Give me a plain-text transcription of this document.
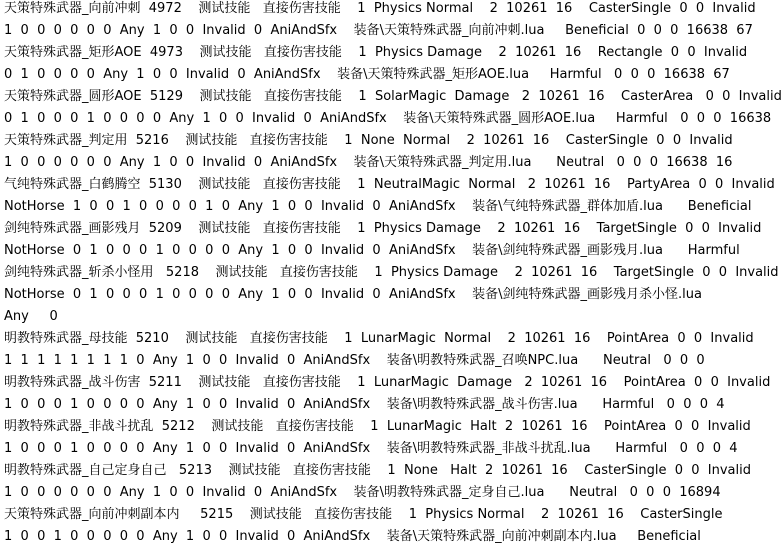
天策特殊武器_向前冲刺  4972    测试技能   直接伤害技能    1  Physics Normal    2  10261  16    CasterSingle  0  0  Invalid
1  0  0  0  0  0  0  Any  1  0  0  Invalid  0  AniAndSfx    装备\天策特殊武器_向前冲刺.lua     Beneficial  0  0  0  16638  67
天策特殊武器_矩形AOE  4973    测试技能   直接伤害技能    1  Physics Damage    2  10261  16    Rectangle  0  0  Invalid
0  1  0  0  0  0  Any  1  0  0  Invalid  0  AniAndSfx    装备\天策特殊武器_矩形AOE.lua     Harmful   0  0  0  16638  67
天策特殊武器_圆形AOE  5129    测试技能   直接伤害技能    1  SolarMagic  Damage   2  10261  16    CasterArea   0  0  Invalid
0  1  0  0  0  1  0  0  0  0  Any  1  0  0  Invalid  0  AniAndSfx    装备\天策特殊武器_圆形AOE.lua     Harmful   0  0  0  16638
天策特殊武器_判定用  5216    测试技能   直接伤害技能    1  None  Normal    2  10261  16    CasterSingle  0  0  Invalid
1  0  0  0  0  0  0  Any  1  0  0  Invalid  0  AniAndSfx    装备\天策特殊武器_判定用.lua      Neutral   0  0  0  16638  16
气纯特殊武器_白鹤腾空  5130    测试技能   直接伤害技能    1  NeutralMagic  Normal   2  10261  16    PartyArea  0  0  Invalid
NotHorse  1  0  0  1  0  0  0  0  1  0  Any  1  0  0  Invalid  0  AniAndSfx    装备\气纯特殊武器_群体加盾.lua      Beneficial
剑纯特殊武器_画影残月  5209    测试技能   直接伤害技能    1  Physics Damage    2  10261  16    TargetSingle  0  0  Invalid
NotHorse  0  1  0  0  0  1  0  0  0  0  Any  1  0  0  Invalid  0  AniAndSfx    装备\剑纯特殊武器_画影残月.lua      Harmful
剑纯特殊武器_斩杀小怪用   5218    测试技能   直接伤害技能    1  Physics Damage    2  10261  16    TargetSingle  0  0  Invalid
NotHorse  0  1  0  0  0  1  0  0  0  0  Any  1  0  0  Invalid  0  AniAndSfx    装备\剑纯特殊武器_画影残月杀小怪.lua
Any     0
明教特殊武器_母技能  5210    测试技能   直接伤害技能    1  LunarMagic  Normal    2  10261  16    PointArea  0  0  Invalid
1  1  1  1  1  1  1  1  0  Any  1  0  0  Invalid  0  AniAndSfx    装备\明教特殊武器_召唤NPC.lua      Neutral   0  0  0
明教特殊武器_战斗伤害  5211    测试技能   直接伤害技能    1  LunarMagic  Damage   2  10261  16    PointArea  0  0  Invalid
1  0  0  0  1  0  0  0  0  Any  1  0  0  Invalid  0  AniAndSfx    装备\明教特殊武器_战斗伤害.lua      Harmful   0  0  0  4
明教特殊武器_非战斗扰乱  5212    测试技能   直接伤害技能    1  LunarMagic  Halt  2  10261  16    PointArea  0  0  Invalid
1  0  0  0  1  0  0  0  0  Any  1  0  0  Invalid  0  AniAndSfx    装备\明教特殊武器_非战斗扰乱.lua      Harmful   0  0  0  4
明教特殊武器_自己定身自己   5213    测试技能   直接伤害技能    1  None   Halt  2  10261  16    CasterSingle  0  0  Invalid
1  0  0  0  0  0  0  Any  1  0  0  Invalid  0  AniAndSfx    装备\明教特殊武器_定身自己.lua      Neutral   0  0  0  16894
天策特殊武器_向前冲刺副本内     5215    测试技能   直接伤害技能    1  Physics Normal    2  10261  16    CasterSingle
1  0  0  1  0  0  0  0  0  Any  1  0  0  Invalid  0  AniAndSfx    装备\天策特殊武器_向前冲刺副本内.lua     Beneficial
